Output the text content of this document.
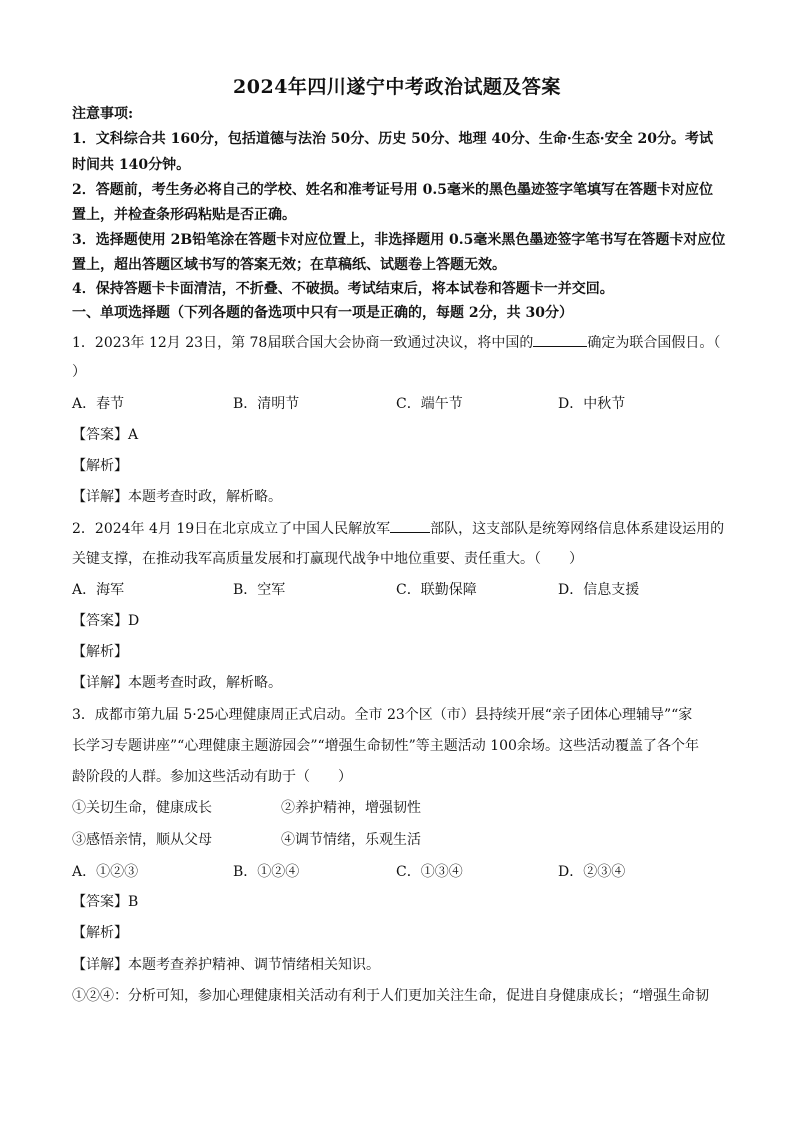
2024年四川遂宁中考政治试题及答案
注意事项:
1．文科综合共 160分，包括道德与法治 50分、历史 50分、地理 40分、生命·生态·安全 20分。考试
时间共 140分钟。
2．答题前，考生务必将自己的学校、姓名和准考证号用 0.5毫米的黑色墨迹签字笔填写在答题卡对应位
置上，并检查条形码粘贴是否正确。
3．选择题使用 2B铅笔涂在答题卡对应位置上，非选择题用 0.5毫米黑色墨迹签字笔书写在答题卡对应位
置上，超出答题区域书写的答案无效；在草稿纸、试题卷上答题无效。
4．保持答题卡卡面清洁，不折叠、不破损。考试结束后，将本试卷和答题卡一并交回。
一、单项选择题（下列各题的备选项中只有一项是正确的，每题 2分，共 30分）
1．2023年 12月 23日，第 78届联合国大会协商一致通过决议，将中国的	确定为联合国假日。（
）
A．春节	B．清明节	C．端午节	D．中秋节
【答案】A
【解析】
【详解】本题考查时政，解析略。
2．2024年 4月 19日在北京成立了中国人民解放军	部队，这支部队是统筹网络信息体系建设运用的
关键支撑，在推动我军高质量发展和打赢现代战争中地位重要、责任重大。（　　）
A．海军	B．空军	C．联勤保障	D．信息支援
【答案】D
【解析】
【详解】本题考查时政，解析略。
3．成都市第九届 5·25心理健康周正式启动。全市 23个区（市）县持续开展“亲子团体心理辅导”“家
长学习专题讲座”“心理健康主题游园会”“增强生命韧性”等主题活动 100余场。这些活动覆盖了各个年
龄阶段的人群。参加这些活动有助于（　　）
①关切生命，健康成长	②养护精神，增强韧性
③感悟亲情，顺从父母	④调节情绪，乐观生活
A．①②③	B．①②④	C．①③④	D．②③④
【答案】B
【解析】
【详解】本题考查养护精神、调节情绪相关知识。
①②④：分析可知，参加心理健康相关活动有利于人们更加关注生命，促进自身健康成长；“增强生命韧
